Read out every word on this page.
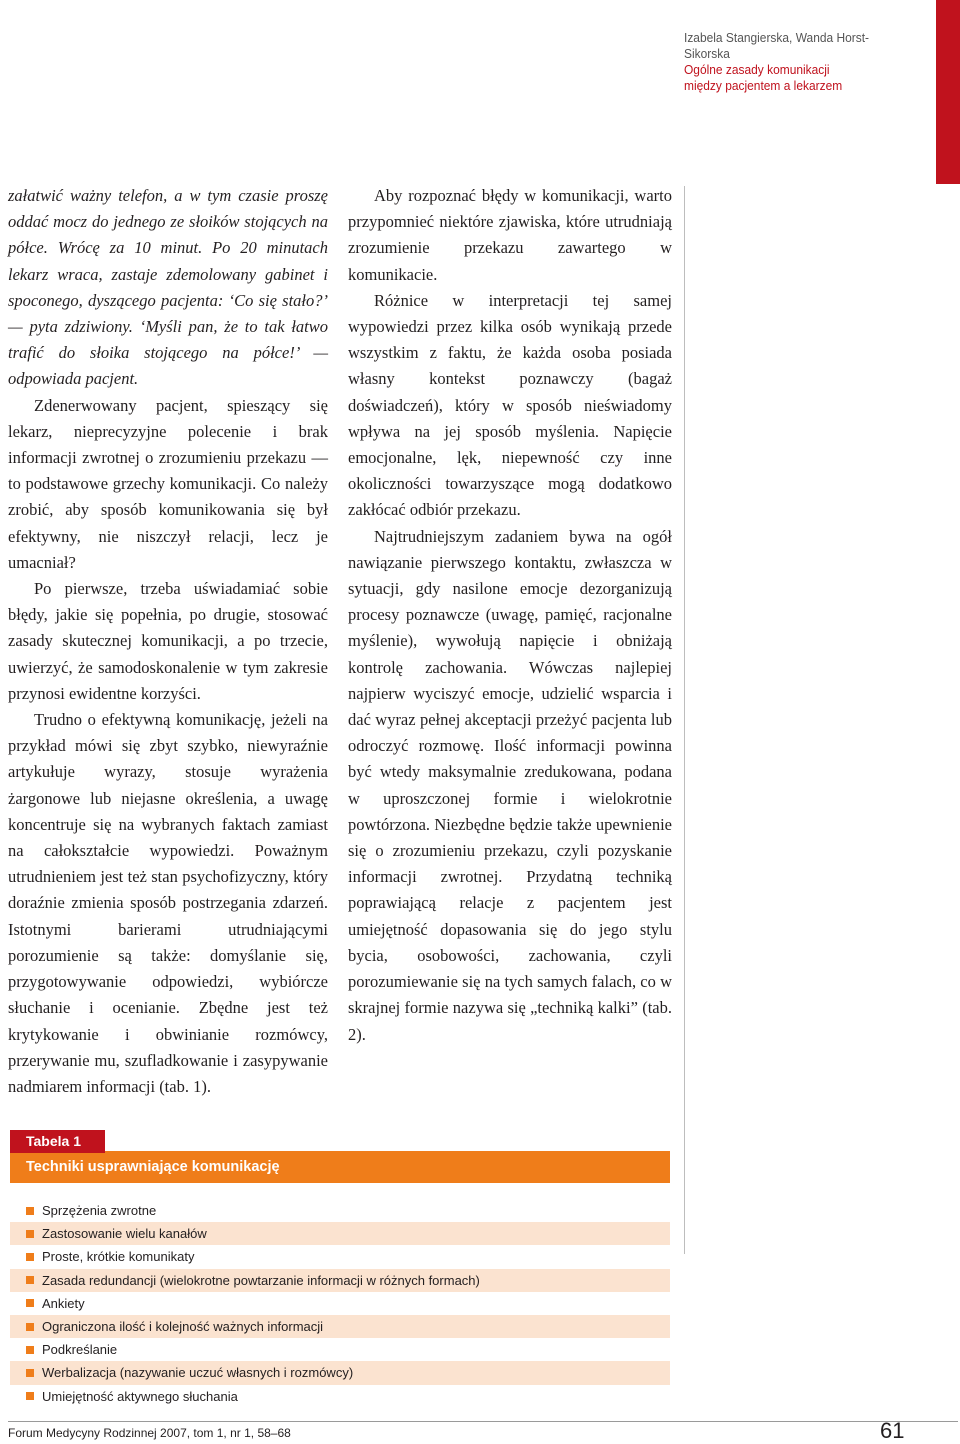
Izabela Stangierska, Wanda Horst-Sikorska
Ogólne zasady komunikacji
między pacjentem a lekarzem

załatwić ważny telefon, a w tym czasie proszę oddać mocz do jednego ze słoików stojących na półce. Wrócę za 10 minut. Po 20 minutach lekarz wraca, zastaje zdemolowany gabinet i spoconego, dyszącego pacjenta: ‘Co się stało?’ — pyta zdziwiony. ‘Myśli pan, że to tak łatwo trafić do słoika stojącego na półce!’ — odpowiada pacjent.

Zdenerwowany pacjent, spieszący się lekarz, nieprecyzyjne polecenie i brak informacji zwrotnej o zrozumieniu przekazu — to podstawowe grzechy komunikacji. Co należy zrobić, aby sposób komunikowania się był efektywny, nie niszczył relacji, lecz je umacniał?

Po pierwsze, trzeba uświadamiać sobie błędy, jakie się popełnia, po drugie, stosować zasady skutecznej komunikacji, a po trzecie, uwierzyć, że samodoskonalenie w tym zakresie przynosi ewidentne korzyści.

Trudno o efektywną komunikację, jeżeli na przykład mówi się zbyt szybko, niewyraźnie artykułuje wyrazy, stosuje wyrażenia żargonowe lub niejasne określenia, a uwagę koncentruje się na wybranych faktach zamiast na całokształcie wypowiedzi. Poważnym utrudnieniem jest też stan psychofizyczny, który doraźnie zmienia sposób postrzegania zdarzeń. Istotnymi barierami utrudniającymi porozumienie są także: domyślanie się, przygotowywanie odpowiedzi, wybiórcze słuchanie i ocenianie. Zbędne jest też krytykowanie i obwinianie rozmówcy, przerywanie mu, szufladkowanie i zasypywanie nadmiarem informacji (tab. 1).

Aby rozpoznać błędy w komunikacji, warto przypomnieć niektóre zjawiska, które utrudniają zrozumienie przekazu zawartego w komunikacie.

Różnice w interpretacji tej samej wypowiedzi przez kilka osób wynikają przede wszystkim z faktu, że każda osoba posiada własny kontekst poznawczy (bagaż doświadczeń), który w sposób nieświadomy wpływa na jej sposób myślenia. Napięcie emocjonalne, lęk, niepewność czy inne okoliczności towarzyszące mogą dodatkowo zakłócać odbiór przekazu.

Najtrudniejszym zadaniem bywa na ogół nawiązanie pierwszego kontaktu, zwłaszcza w sytuacji, gdy nasilone emocje dezorganizują procesy poznawcze (uwagę, pamięć, racjonalne myślenie), wywołują napięcie i obniżają kontrolę zachowania. Wówczas najlepiej najpierw wyciszyć emocje, udzielić wsparcia i dać wyraz pełnej akceptacji przeżyć pacjenta lub odroczyć rozmowę. Ilość informacji powinna być wtedy maksymalnie zredukowana, podana w uproszczonej formie i wielokrotnie powtórzona. Niezbędne będzie także upewnienie się o zrozumieniu przekazu, czyli pozyskanie informacji zwrotnej. Przydatną techniką poprawiającą relacje z pacjentem jest umiejętność dopasowania się do jego stylu bycia, osobowości, zachowania, czyli porozumiewanie się na tych samych falach, co w skrajnej formie nazywa się „techniką kalki” (tab. 2).

Tabela 1
Techniki usprawniające komunikację
Sprzężenia zwrotne
Zastosowanie wielu kanałów
Proste, krótkie komunikaty
Zasada redundancji (wielokrotne powtarzanie informacji w różnych formach)
Ankiety
Ograniczona ilość i kolejność ważnych informacji
Podkreślanie
Werbalizacja (nazywanie uczuć własnych i rozmówcy)
Umiejętność aktywnego słuchania
Forum Medycyny Rodzinnej 2007, tom 1, nr 1, 58–68	61
